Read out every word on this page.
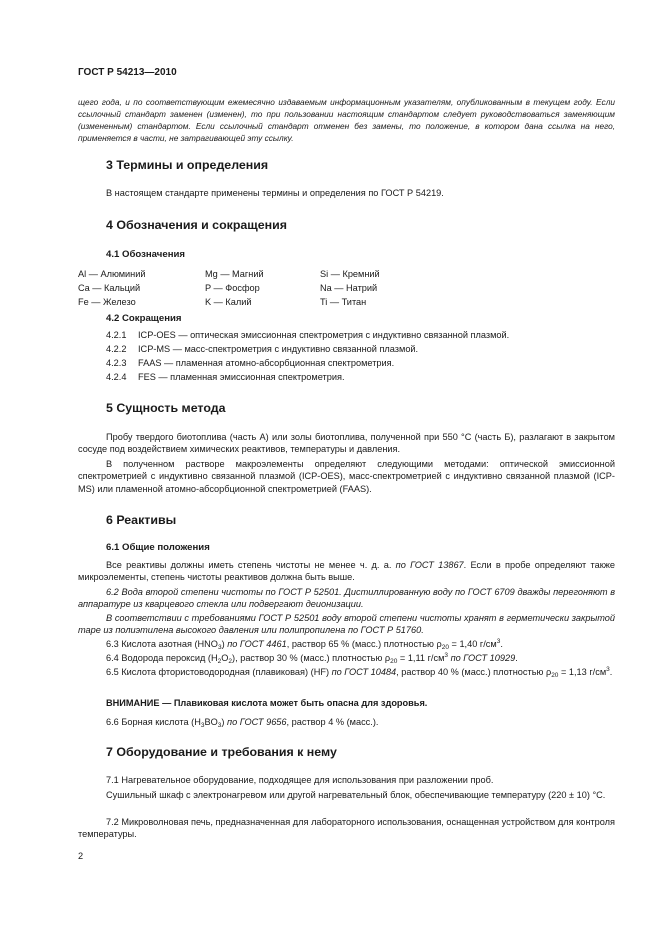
ГОСТ Р 54213—2010

щего года, и по соответствующим ежемесячно издаваемым информационным указателям, опубликованным в текущем году. Если ссылочный стандарт заменен (изменен), то при пользовании настоящим стандартом следует руководствоваться заменяющим (измененным) стандартом. Если ссылочный стандарт отменен без замены, то положение, в котором дана ссылка на него, применяется в части, не затрагивающей эту ссылку.

3 Термины и определения

В настоящем стандарте применены термины и определения по ГОСТ Р 54219.

4 Обозначения и сокращения
4.1 Обозначения
Al — Алюминий	Mg — Магний	Si — Кремний
Ca — Кальций	P — Фосфор	Na — Натрий
Fe — Железо	K — Калий	Ti — Титан
4.2 Сокращения
4.2.1 ICP-OES — оптическая эмиссионная спектрометрия с индуктивно связанной плазмой.
4.2.2 ICP-MS — масс-спектрометрия с индуктивно связанной плазмой.
4.2.3 FAAS — пламенная атомно-абсорбционная спектрометрия.
4.2.4 FES — пламенная эмиссионная спектрометрия.
5 Сущность метода

Пробу твердого биотоплива (часть А) или золы биотоплива, полученной при 550 °С (часть Б), разлагают в закрытом сосуде под воздействием химических реактивов, температуры и давления.

В полученном растворе макроэлементы определяют следующими методами: оптической эмиссионной спектрометрией с индуктивно связанной плазмой (ICP-OES), масс-спектрометрией с индуктивно связанной плазмой (ICP-MS) или пламенной атомно-абсорбционной спектрометрией (FAAS).

6 Реактивы
6.1 Общие положения

Все реактивы должны иметь степень чистоты не менее ч. д. а. по ГОСТ 13867. Если в пробе определяют также микроэлементы, степень чистоты реактивов должна быть выше.

6.2 Вода второй степени чистоты по ГОСТ Р 52501. Дистиллированную воду по ГОСТ 6709 дважды перегоняют в аппаратуре из кварцевого стекла или подвергают деионизации.

В соответствии с требованиями ГОСТ Р 52501 воду второй степени чистоты хранят в герметически закрытой таре из полиэтилена высокого давления или полипропилена по ГОСТ Р 51760.

6.3 Кислота азотная $(HNO_3)$ по ГОСТ 4461, раствор 65 % (масс.) плотностью $\rho_{20} = 1,40$ $г/см^3$.

6.4 Водорода пероксид $(H_2O_2)$, раствор 30 % (масс.) плотностью $\rho_{20} = 1,11$ $г/см^3$ по ГОСТ 10929.

6.5 Кислота фтористоводородная (плавиковая) (HF) по ГОСТ 10484, раствор 40 % (масс.) плотностью $\rho_{20} = 1,13$ $г/см^3$.

ВНИМАНИЕ — Плавиковая кислота может быть опасна для здоровья.

6.6 Борная кислота $(H_3BO_3)$ по ГОСТ 9656, раствор 4 % (масс.).

7 Оборудование и требования к нему

7.1 Нагревательное оборудование, подходящее для использования при разложении проб.

Сушильный шкаф с электронагревом или другой нагревательный блок, обеспечивающие температуру (220 ± 10) °С.

7.2 Микроволновая печь, предназначенная для лабораторного использования, оснащенная устройством для контроля температуры.

2
